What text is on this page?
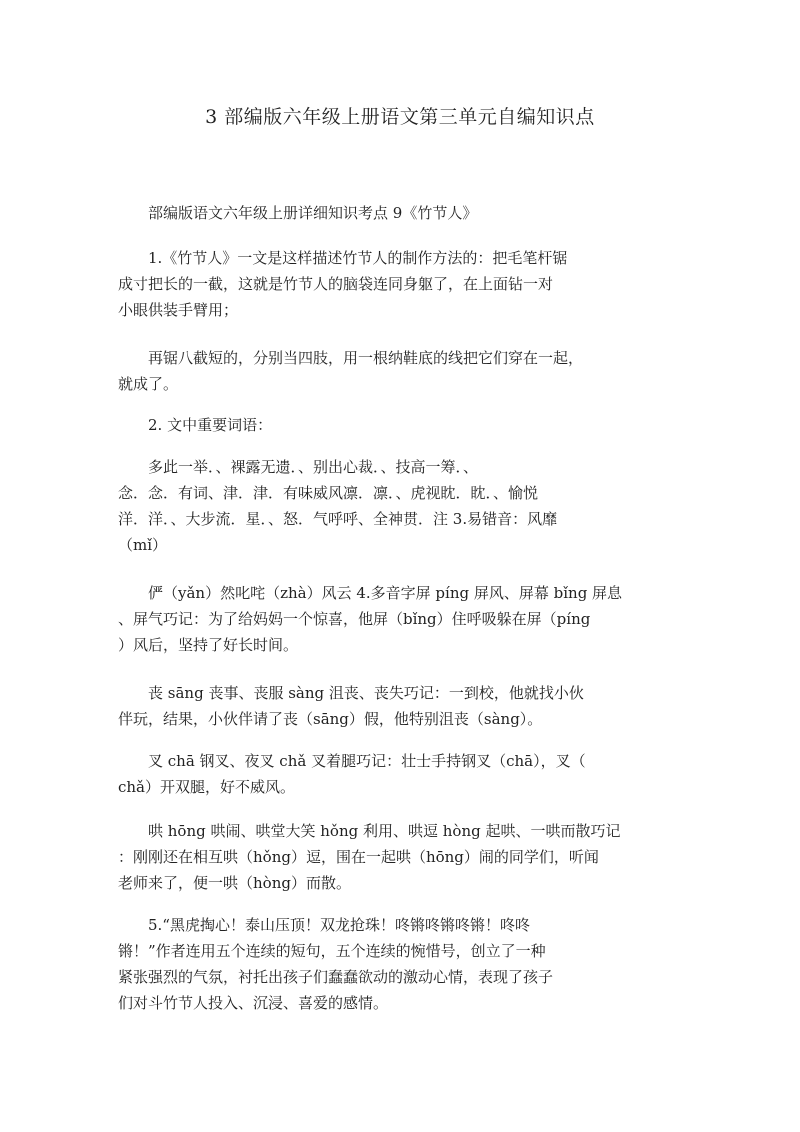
3 部编版六年级上册语文第三单元自编知识点
部编版语文六年级上册详细知识考点 9《竹节人》
1.《竹节人》一文是这样描述竹节人的制作方法的：把毛笔杆锯
成寸把长的一截，这就是竹节人的脑袋连同身躯了，在上面钻一对
小眼供装手臂用；
再锯八截短的，分别当四肢，用一根纳鞋底的线把它们穿在一起，
就成了。
2. 文中重要词语：
多此一举．、裸露无遗．、别出心裁．、技高一筹．、
念．念．有词、津．津．有味威风凛．凛．、虎视眈．眈．、愉悦
洋．洋．、大步流．星．、怒．气呼呼、全神贯．注 3.易错音：风靡
（mǐ）
俨（yǎn）然叱咤（zhà）风云 4.多音字屏 píng 屏风、屏幕 bǐng 屏息
、屏气巧记：为了给妈妈一个惊喜，他屏（bǐng）住呼吸躲在屏（píng
）风后，坚持了好长时间。
丧 sāng 丧事、丧服 sàng 沮丧、丧失巧记：一到校，他就找小伙
伴玩，结果，小伙伴请了丧（sāng）假，他特别沮丧（sàng）。
叉 chā 钢叉、夜叉 chǎ 叉着腿巧记：壮士手持钢叉（chā），叉（
chǎ）开双腿，好不威风。
哄 hōng 哄闹、哄堂大笑 hǒng 利用、哄逗 hòng 起哄、一哄而散巧记
：刚刚还在相互哄（hǒng）逗，围在一起哄（hōng）闹的同学们，听闻
老师来了，便一哄（hòng）而散。
5.“黑虎掏心！泰山压顶！双龙抢珠！咚锵咚锵咚锵！咚咚
锵！”作者连用五个连续的短句，五个连续的惋惜号，创立了一种
紧张强烈的气氛，衬托出孩子们蠢蠢欲动的激动心情，表现了孩子
们对斗竹节人投入、沉浸、喜爱的感情。
